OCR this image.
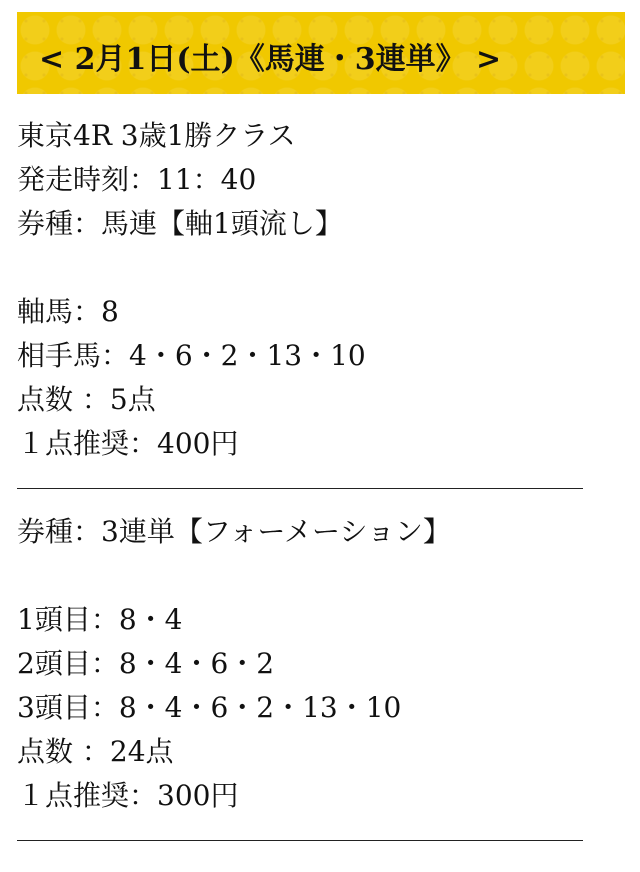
< 2月1日(土)《馬連・3連単》 >
東京4R 3歳1勝クラス
発走時刻：11：40
券種：馬連【軸1頭流し】
軸馬：8
相手馬：4・6・2・13・10
点数 ：5点
１点推奨：400円
券種：3連単【フォーメーション】
1頭目：8・4
2頭目：8・4・6・2
3頭目：8・4・6・2・13・10
点数 ：24点
１点推奨：300円
